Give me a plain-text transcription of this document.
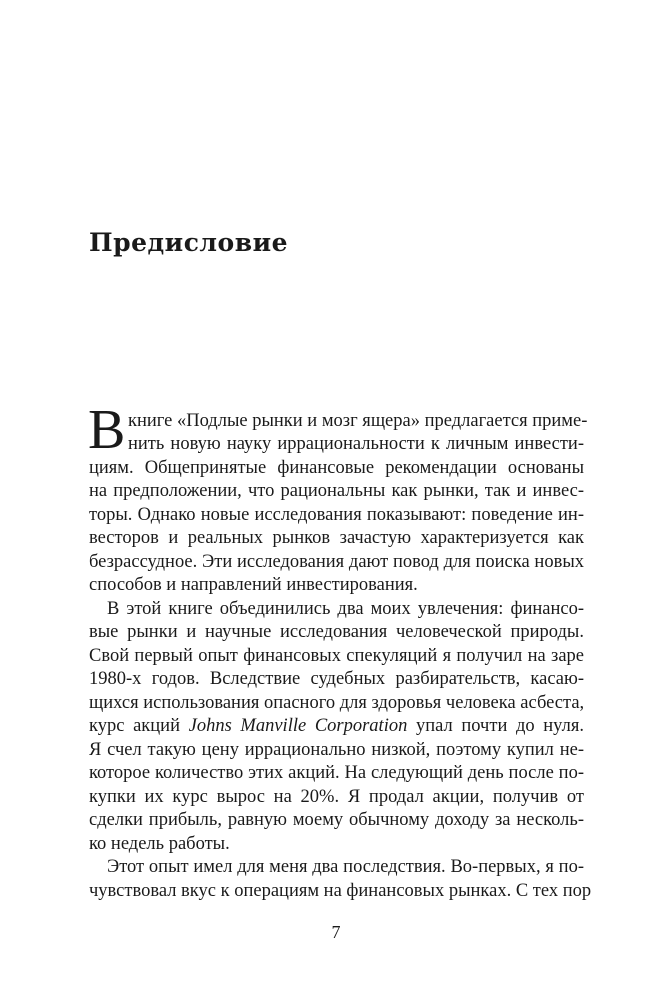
Предисловие
В книге «Подлые рынки и мозг ящера» предлагается приме-
нить новую науку иррациональности к личным инвести-
циям. Общепринятые финансовые рекомендации основаны
на предположении, что рациональны как рынки, так и инвес-
торы. Однако новые исследования показывают: поведение ин-
весторов и реальных рынков зачастую характеризуется как
безрассудное. Эти исследования дают повод для поиска новых
способов и направлений инвестирования.
В этой книге объединились два моих увлечения: финансо-
вые рынки и научные исследования человеческой природы.
Свой первый опыт финансовых спекуляций я получил на заре
1980-х годов. Вследствие судебных разбирательств, касаю-
щихся использования опасного для здоровья человека асбеста,
курс акций Johns Manville Corporation упал почти до нуля.
Я счел такую цену иррационально низкой, поэтому купил не-
которое количество этих акций. На следующий день после по-
купки их курс вырос на 20%. Я продал акции, получив от
сделки прибыль, равную моему обычному доходу за несколь-
ко недель работы.
Этот опыт имел для меня два последствия. Во-первых, я по-
чувствовал вкус к операциям на финансовых рынках. С тех пор
7
